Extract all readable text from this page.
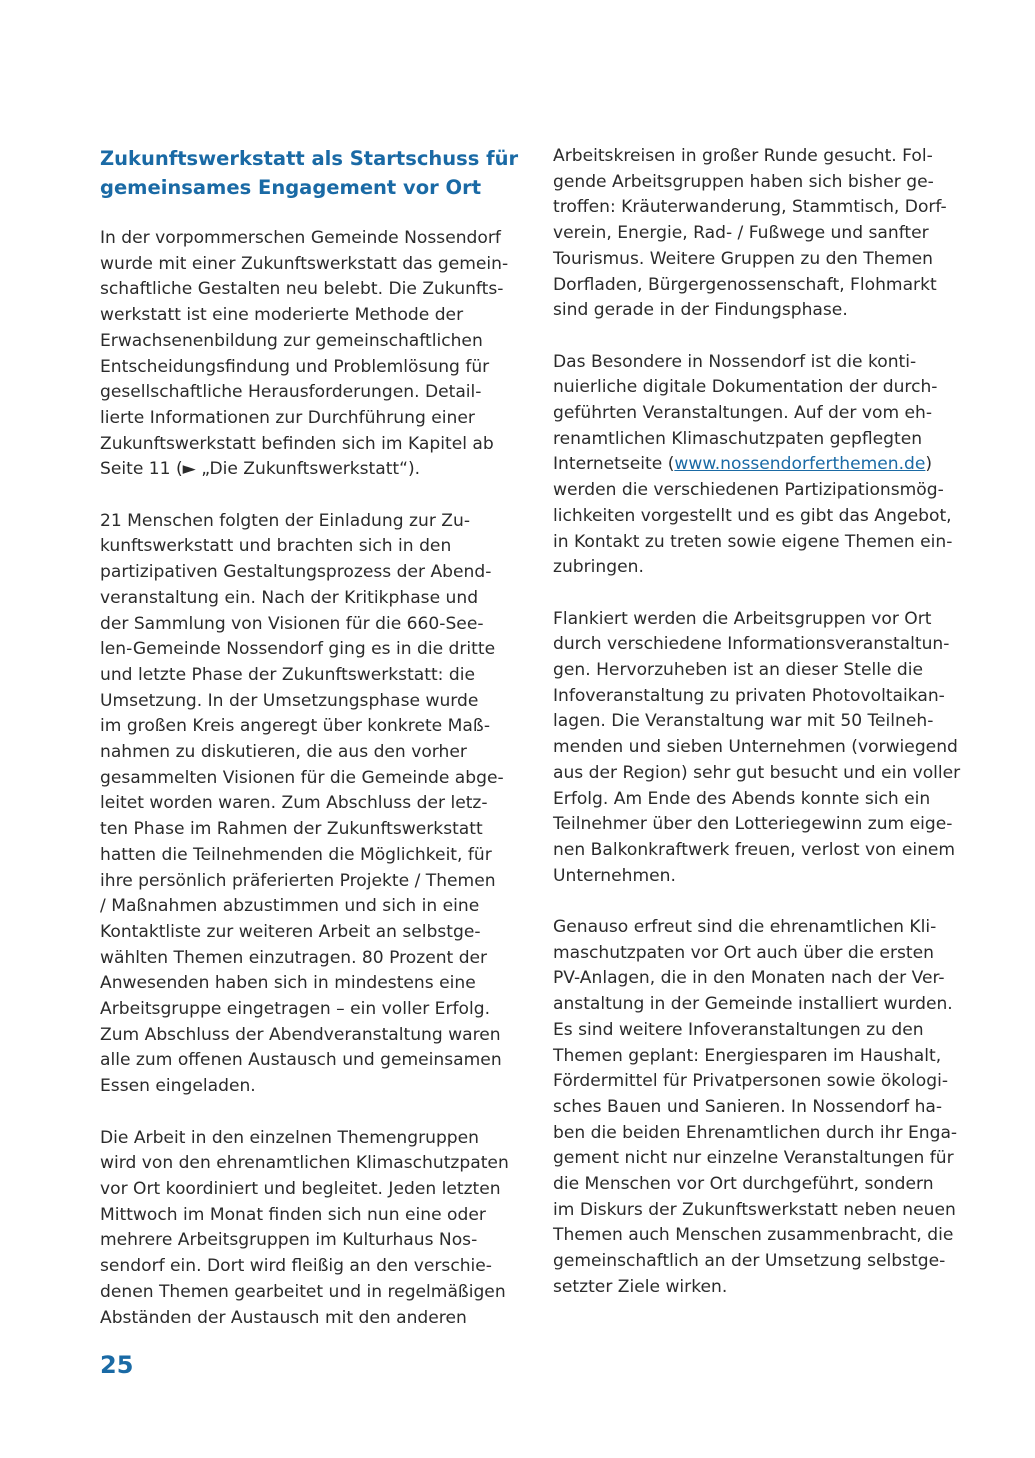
Zukunftswerkstatt als Startschuss für
gemeinsames Engagement vor Ort
In der vorpommerschen Gemeinde Nossendorf
wurde mit einer Zukunftswerkstatt das gemein-
schaftliche Gestalten neu belebt. Die Zukunfts-
werkstatt ist eine moderierte Methode der
Erwachsenenbildung zur gemeinschaftlichen
Entscheidungsfindung und Problemlösung für
gesellschaftliche Herausforderungen. Detail-
lierte Informationen zur Durchführung einer
Zukunftswerkstatt befinden sich im Kapitel ab
Seite 11 (► „Die Zukunftswerkstatt“).
21 Menschen folgten der Einladung zur Zu-
kunftswerkstatt und brachten sich in den
partizipativen Gestaltungsprozess der Abend-
veranstaltung ein. Nach der Kritikphase und
der Sammlung von Visionen für die 660-See-
len-Gemeinde Nossendorf ging es in die dritte
und letzte Phase der Zukunftswerkstatt: die
Umsetzung. In der Umsetzungsphase wurde
im großen Kreis angeregt über konkrete Maß-
nahmen zu diskutieren, die aus den vorher
gesammelten Visionen für die Gemeinde abge-
leitet worden waren. Zum Abschluss der letz-
ten Phase im Rahmen der Zukunftswerkstatt
hatten die Teilnehmenden die Möglichkeit, für
ihre persönlich präferierten Projekte / Themen
/ Maßnahmen abzustimmen und sich in eine
Kontaktliste zur weiteren Arbeit an selbstge-
wählten Themen einzutragen. 80 Prozent der
Anwesenden haben sich in mindestens eine
Arbeitsgruppe eingetragen – ein voller Erfolg.
Zum Abschluss der Abendveranstaltung waren
alle zum offenen Austausch und gemeinsamen
Essen eingeladen.
Die Arbeit in den einzelnen Themengruppen
wird von den ehrenamtlichen Klimaschutzpaten
vor Ort koordiniert und begleitet. Jeden letzten
Mittwoch im Monat finden sich nun eine oder
mehrere Arbeitsgruppen im Kulturhaus Nos-
sendorf ein. Dort wird fleißig an den verschie-
denen Themen gearbeitet und in regelmäßigen
Abständen der Austausch mit den anderen
Arbeitskreisen in großer Runde gesucht. Fol-
gende Arbeitsgruppen haben sich bisher ge-
troffen: Kräuterwanderung, Stammtisch, Dorf-
verein, Energie, Rad- / Fußwege und sanfter
Tourismus. Weitere Gruppen zu den Themen
Dorfladen, Bürgergenossenschaft, Flohmarkt
sind gerade in der Findungsphase.
Das Besondere in Nossendorf ist die konti-
nuierliche digitale Dokumentation der durch-
geführten Veranstaltungen. Auf der vom eh-
renamtlichen Klimaschutzpaten gepflegten
Internetseite (www.nossendorferthemen.de)
werden die verschiedenen Partizipationsmög-
lichkeiten vorgestellt und es gibt das Angebot,
in Kontakt zu treten sowie eigene Themen ein-
zubringen.
Flankiert werden die Arbeitsgruppen vor Ort
durch verschiedene Informationsveranstaltun-
gen. Hervorzuheben ist an dieser Stelle die
Infoveranstaltung zu privaten Photovoltaikan-
lagen. Die Veranstaltung war mit 50 Teilneh-
menden und sieben Unternehmen (vorwiegend
aus der Region) sehr gut besucht und ein voller
Erfolg. Am Ende des Abends konnte sich ein
Teilnehmer über den Lotteriegewinn zum eige-
nen Balkonkraftwerk freuen, verlost von einem
Unternehmen.
Genauso erfreut sind die ehrenamtlichen Kli-
maschutzpaten vor Ort auch über die ersten
PV-Anlagen, die in den Monaten nach der Ver-
anstaltung in der Gemeinde installiert wurden.
Es sind weitere Infoveranstaltungen zu den
Themen geplant: Energiesparen im Haushalt,
Fördermittel für Privatpersonen sowie ökologi-
sches Bauen und Sanieren. In Nossendorf ha-
ben die beiden Ehrenamtlichen durch ihr Enga-
gement nicht nur einzelne Veranstaltungen für
die Menschen vor Ort durchgeführt, sondern
im Diskurs der Zukunftswerkstatt neben neuen
Themen auch Menschen zusammenbracht, die
gemeinschaftlich an der Umsetzung selbstge-
setzter Ziele wirken.
25
